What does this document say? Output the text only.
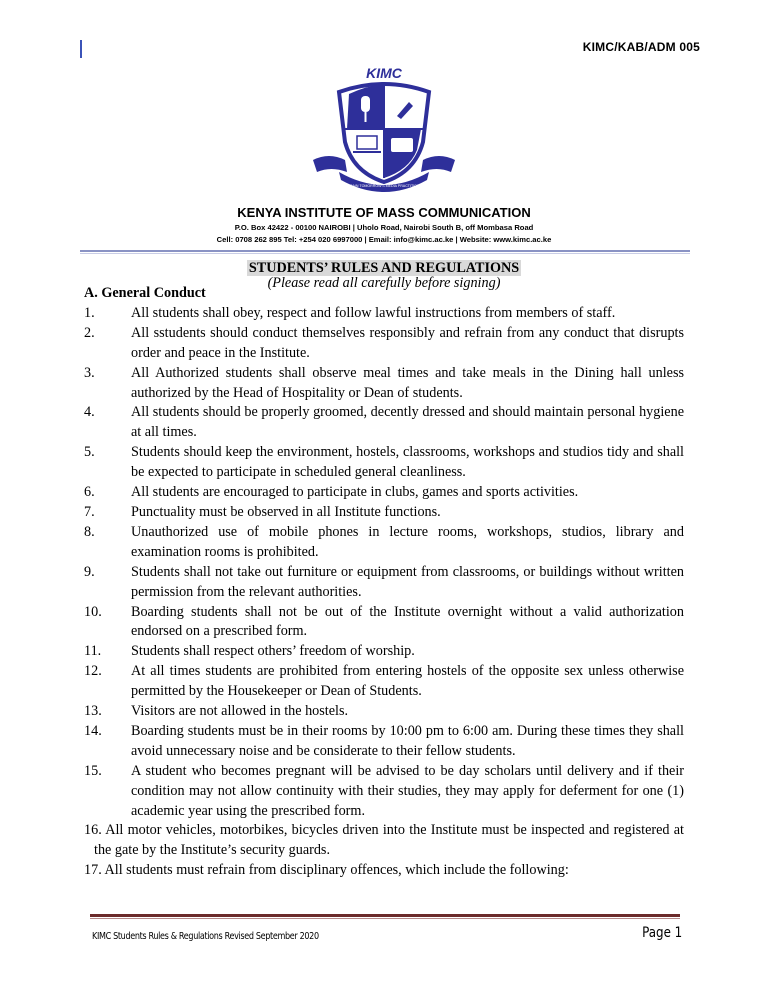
KIMC/KAB/ADM 005
KIMC
WE TRAIN TOMORROW'S MEDIA PRACTITIONERS
KENYA INSTITUTE OF MASS COMMUNICATION
P.O. Box 42422 - 00100 NAIROBI | Uholo Road, Nairobi South B, off Mombasa Road
Cell: 0708 262 895 Tel: +254 020 6997000 | Email: info@kimc.ac.ke | Website: www.kimc.ac.ke
STUDENTS’ RULES AND REGULATIONS
(Please read all carefully before signing)
A. General Conduct
1.	All students shall obey, respect and follow lawful instructions from members of staff.
2.	All sstudents should conduct themselves responsibly and refrain from any conduct that disrupts order and peace in the Institute.
3.	All Authorized students shall observe meal times and take meals in the Dining hall unless authorized by the Head of Hospitality or Dean of students.
4.	All students should be properly groomed, decently dressed and should maintain personal hygiene at all times.
5.	Students should keep the environment, hostels, classrooms, workshops and studios tidy and shall be expected to participate in scheduled general cleanliness.
6.	All students are encouraged to participate in clubs, games and sports activities.
7.	Punctuality must be observed in all Institute functions.
8.	Unauthorized use of mobile phones in lecture rooms, workshops, studios, library and examination rooms is prohibited.
9.	Students shall not take out furniture or equipment from classrooms, or buildings without written permission from the relevant authorities.
10.	Boarding students shall not be out of the Institute overnight without a valid authorization endorsed on a prescribed form.
11.	Students shall respect others’ freedom of worship.
12.	At all times students are prohibited from entering hostels of the opposite sex unless otherwise permitted by the Housekeeper or Dean of Students.
13.	Visitors are not allowed in the hostels.
14.	Boarding students must be in their rooms by 10:00 pm to 6:00 am. During these times they shall avoid unnecessary noise and be considerate to their fellow students.
15.	A student who becomes pregnant will be advised to be day scholars until delivery and if their condition may not allow continuity with their studies, they may apply for deferment for one (1) academic year using the prescribed form.
16. All motor vehicles, motorbikes, bicycles driven into the Institute must be inspected and registered at the gate by the Institute’s security guards.
17. All students must refrain from disciplinary offences, which include the following:
KIMC Students Rules & Regulations Revised September 2020	Page 1
